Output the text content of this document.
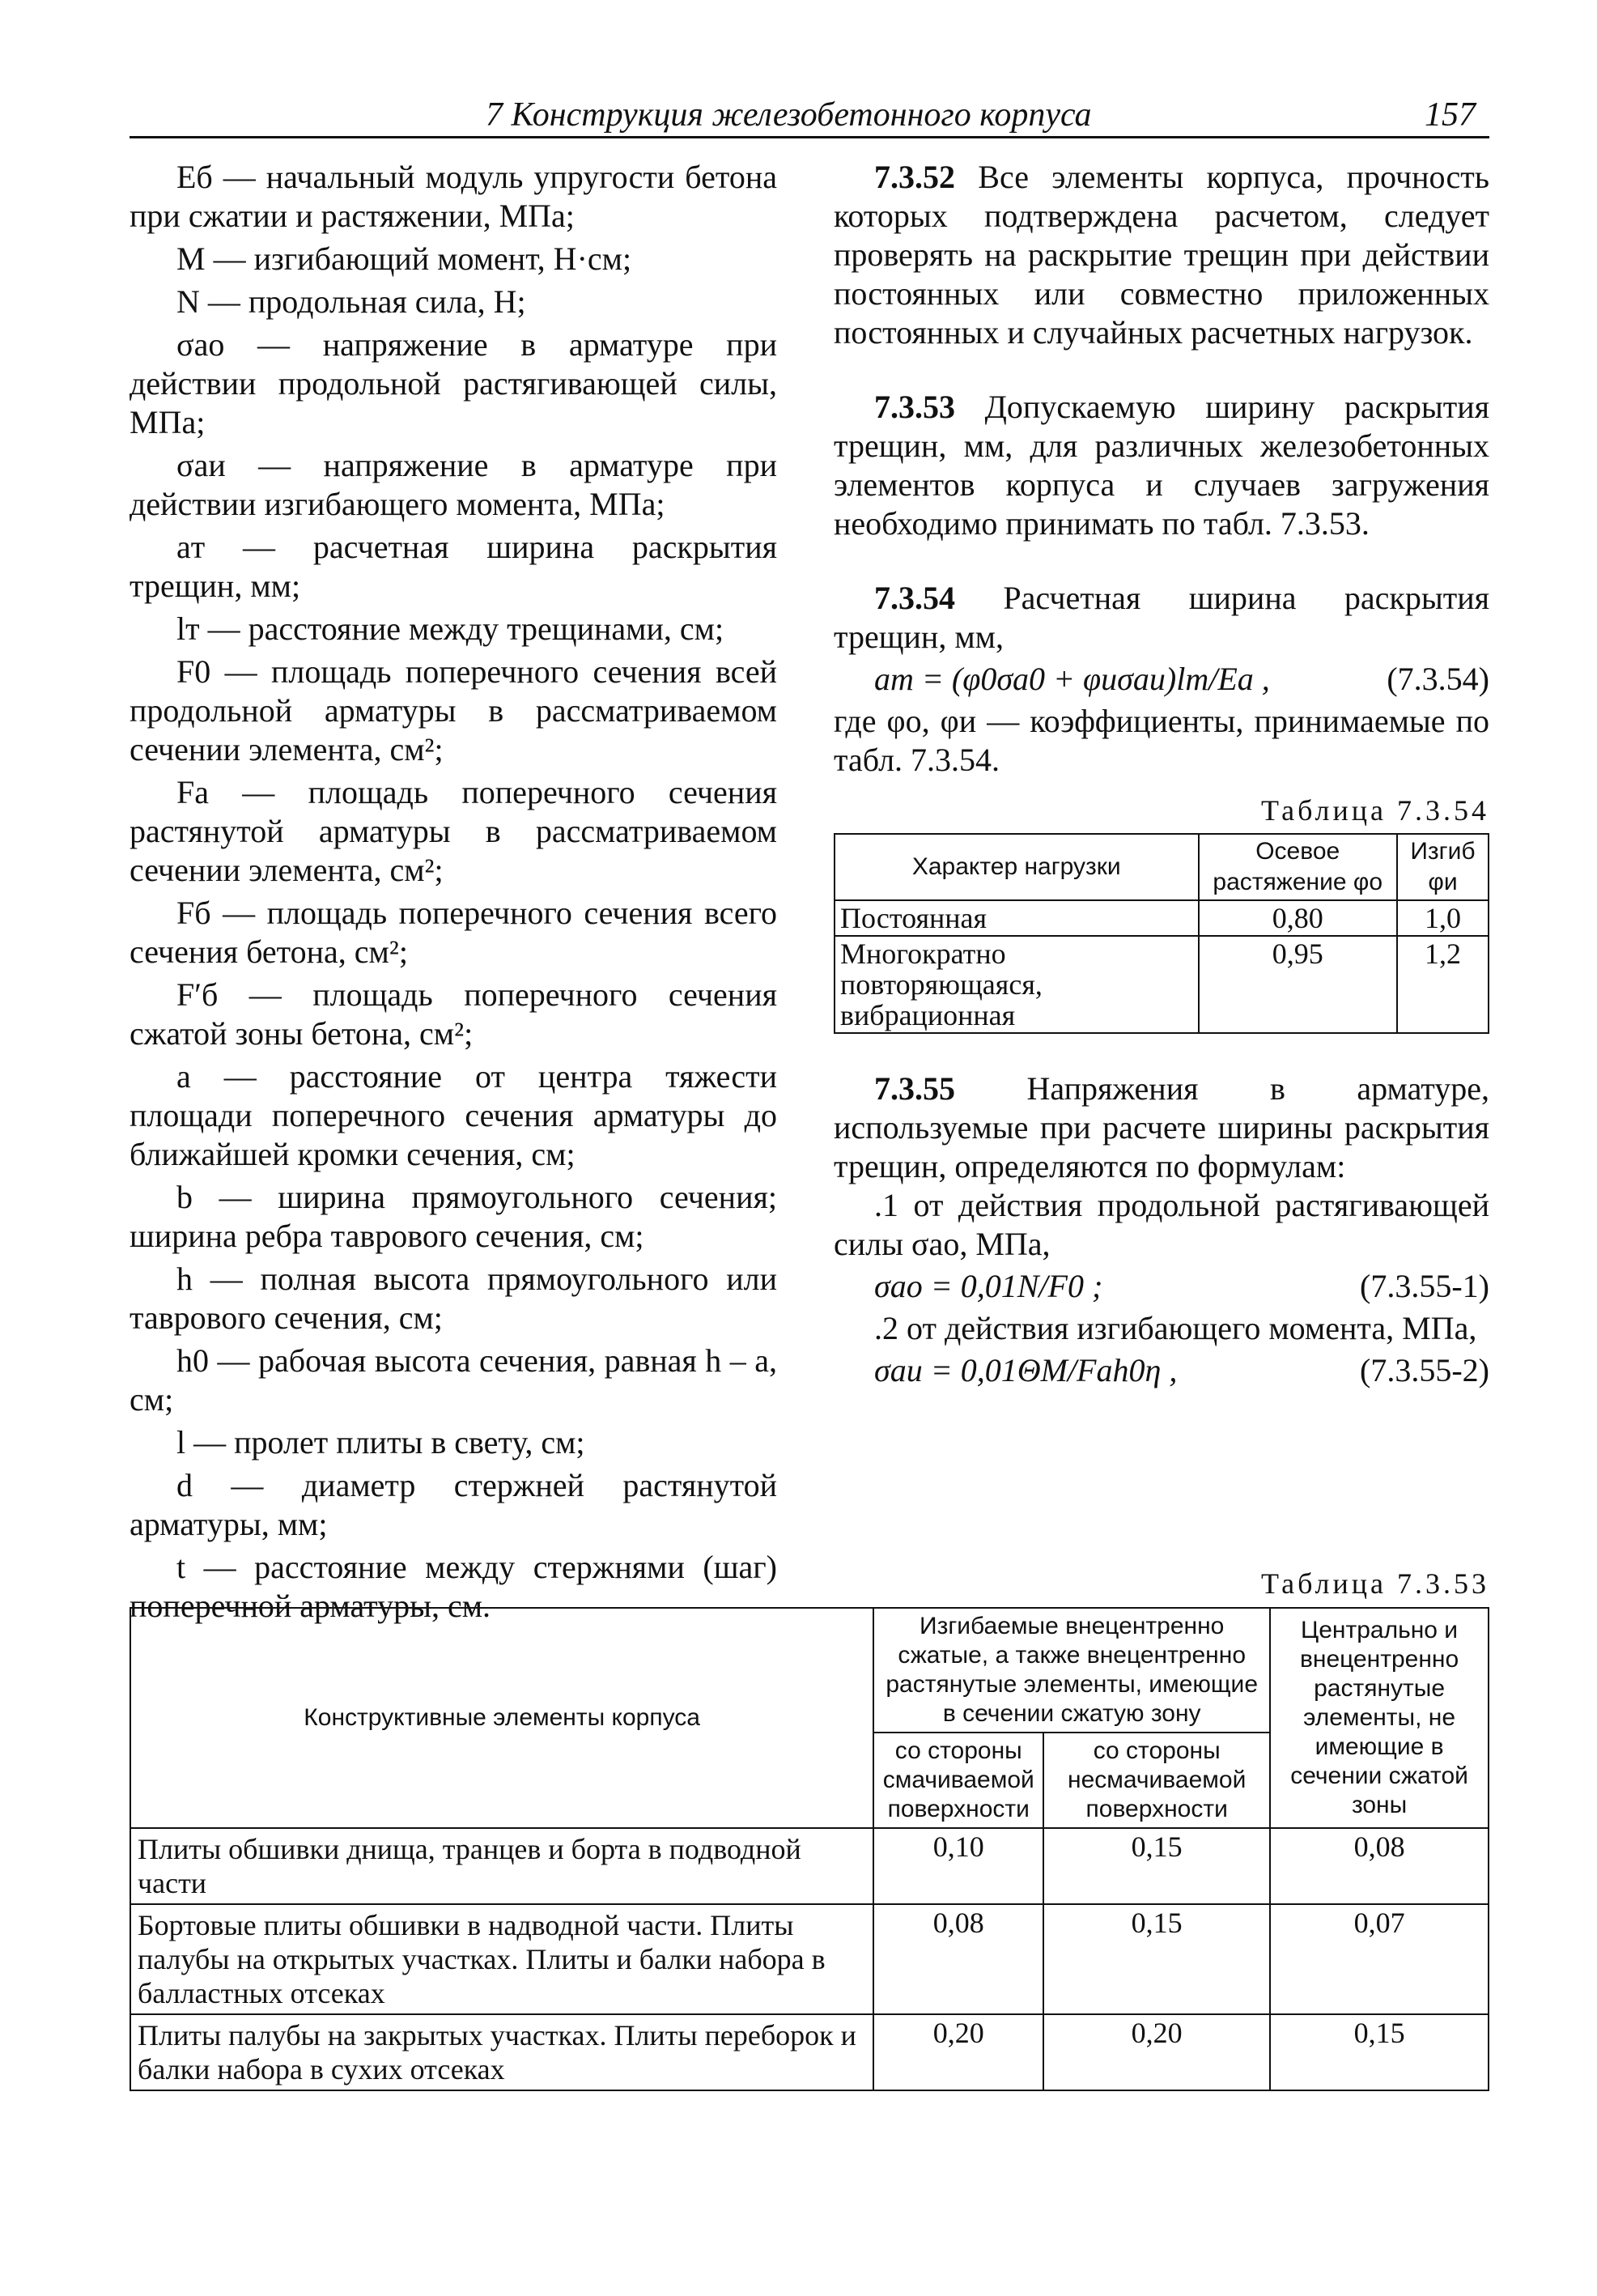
7 Конструкция железобетонного корпуса	157

Eб — начальный модуль упругости бетона при сжатии и растяжении, МПа;

M — изгибающий момент, Н·см;

N — продольная сила, Н;

σао — напряжение в арматуре при действии продольной растягивающей силы, МПа;

σаи — напряжение в арматуре при действии изгибающего момента, МПа;

aт — расчетная ширина раскрытия трещин, мм;

lт — расстояние между трещинами, см;

F0 — площадь поперечного сечения всей продольной арматуры в рассматриваемом сечении элемента, см²;

Fа — площадь поперечного сечения растянутой арматуры в рассматриваемом сечении элемента, см²;

Fб — площадь поперечного сечения всего сечения бетона, см²;

F′б — площадь поперечного сечения сжатой зоны бетона, см²;

a — расстояние от центра тяжести площади поперечного сечения арматуры до ближайшей кромки сечения, см;

b — ширина прямоугольного сечения; ширина ребра таврового сечения, см;

h — полная высота прямоугольного или таврового сечения, см;

h0 — рабочая высота сечения, равная h – a, см;

l — пролет плиты в свету, см;

d — диаметр стержней растянутой арматуры, мм;

t — расстояние между стержнями (шаг) поперечной арматуры, см.

7.3.52 Все элементы корпуса, прочность которых подтверждена расчетом, следует проверять на раскрытие трещин при действии постоянных или совместно приложенных постоянных и случайных расчетных нагрузок.

7.3.53 Допускаемую ширину раскрытия трещин, мм, для различных железобетонных элементов корпуса и случаев загружения необходимо принимать по табл. 7.3.53.

7.3.54 Расчетная ширина раскрытия трещин, мм,

aт = (φ0σа0 + φиσаи)lт/Eа ,	(7.3.54)

где φо, φи — коэффициенты, принимаемые по табл. 7.3.54.

Таблица 7.3.54
Характер нагрузки	Осевое растяжение φо	Изгиб φи
Постоянная	0,80	1,0
Многократно повторяющаяся, вибрационная	0,95	1,2

7.3.55 Напряжения в арматуре, используемые при расчете ширины раскрытия трещин, определяются по формулам:

.1 от действия продольной растягивающей силы σао, МПа,

σао = 0,01N/F0 ;	(7.3.55-1)

.2 от действия изгибающего момента, МПа,

σаи = 0,01ΘM/Fаh0η ,	(7.3.55-2)
Таблица 7.3.53
Конструктивные элементы корпуса	Изгибаемые внецентренно сжатые, а также внецентренно растянутые элементы, имеющие в сечении сжатую зону		Центрально и внецентренно растянутые элементы, не имеющие в сечении сжатой зоны
	со стороны смачиваемой поверхности	со стороны несмачиваемой поверхности	
Плиты обшивки днища, транцев и борта в подводной части	0,10	0,15	0,08
Бортовые плиты обшивки в надводной части. Плиты палубы на открытых участках. Плиты и балки набора в балластных отсеках	0,08	0,15	0,07
Плиты палубы на закрытых участках. Плиты переборок и балки набора в сухих отсеках	0,20	0,20	0,15
